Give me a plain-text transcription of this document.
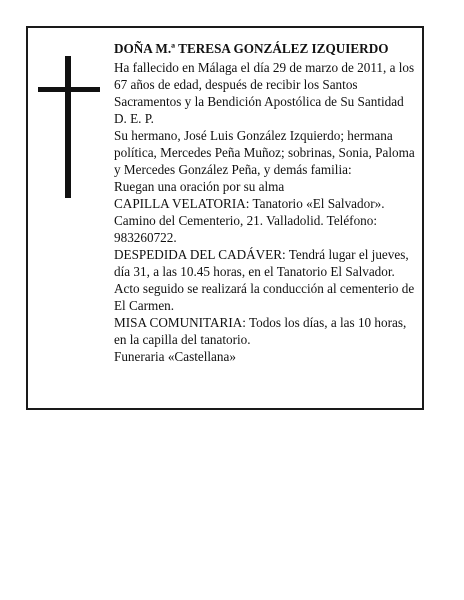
DOÑA M.ª TERESA GONZÁLEZ IZQUIERDO

Ha fallecido en Málaga el día 29 de marzo de 2011, a los 67 años de edad, después de recibir los Santos Sacramentos y la Bendición Apostólica de Su Santidad

D. E. P.

Su hermano, José Luis González Izquierdo; hermana política, Mercedes Peña Muñoz; sobrinas, Sonia, Paloma y Mercedes González Peña, y demás familia:

Ruegan una oración por su alma

CAPILLA VELATORIA: Tanatorio «El Salvador». Camino del Cementerio, 21. Valladolid. Teléfono: 983260722.

DESPEDIDA DEL CADÁVER: Tendrá lugar el jueves, día 31, a las 10.45 horas, en el Tanatorio El Salvador. Acto seguido se realizará la conducción al cementerio de El Carmen.

MISA COMUNITARIA: Todos los días, a las 10 horas, en la capilla del tanatorio.

Funeraria «Castellana»
